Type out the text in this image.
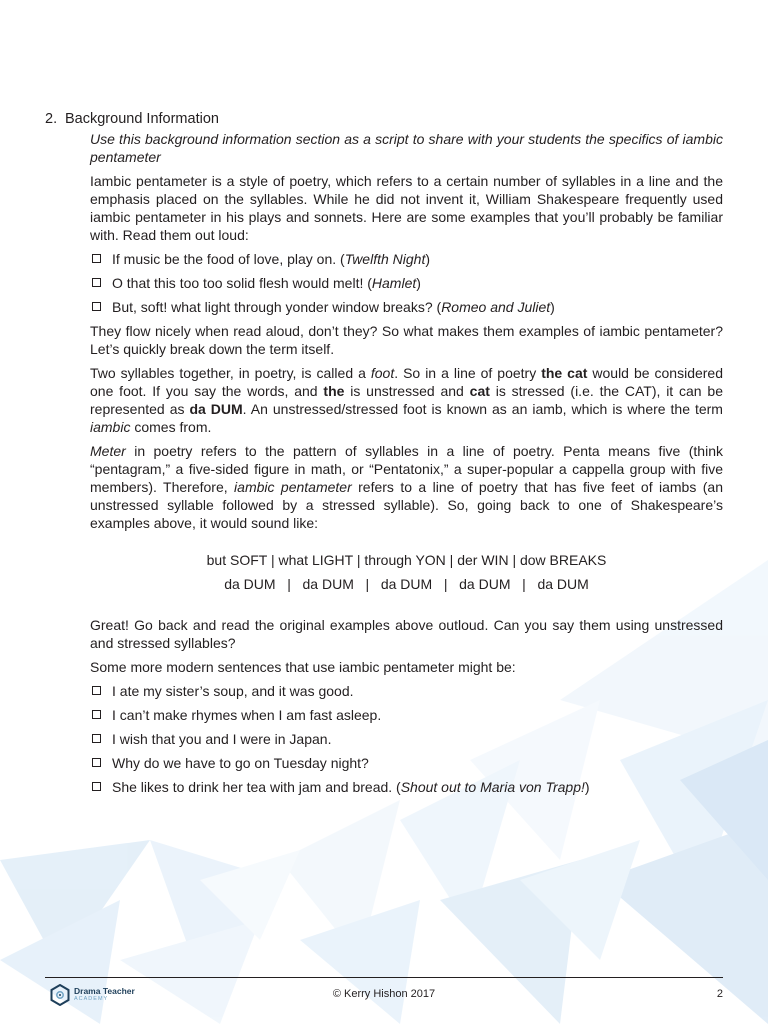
2. Background Information

Use this background information section as a script to share with your students the specifics of iambic pentameter

Iambic pentameter is a style of poetry, which refers to a certain number of syllables in a line and the emphasis placed on the syllables. While he did not invent it, William Shakespeare frequently used iambic pentameter in his plays and sonnets. Here are some examples that you’ll probably be familiar with. Read them out loud:

If music be the food of love, play on. (Twelfth Night)
O that this too too solid flesh would melt! (Hamlet)
But, soft! what light through yonder window breaks? (Romeo and Juliet)

They flow nicely when read aloud, don’t they? So what makes them examples of iambic pentameter? Let’s quickly break down the term itself.

Two syllables together, in poetry, is called a foot. So in a line of poetry the cat would be considered one foot. If you say the words, and the is unstressed and cat is stressed (i.e. the CAT), it can be represented as da DUM. An unstressed/stressed foot is known as an iamb, which is where the term iambic comes from.

Meter in poetry refers to the pattern of syllables in a line of poetry. Penta means five (think “pentagram,” a five-sided figure in math, or “Pentatonix,” a super-popular a cappella group with five members). Therefore, iambic pentameter refers to a line of poetry that has five feet of iambs (an unstressed syllable followed by a stressed syllable). So, going back to one of Shakespeare’s examples above, it would sound like:

but SOFT | what LIGHT | through YON | der WIN | dow BREAKS
da DUM   |   da DUM   |   da DUM   |   da DUM   |   da DUM

Great! Go back and read the original examples above outloud. Can you say them using unstressed and stressed syllables?

Some more modern sentences that use iambic pentameter might be:

I ate my sister’s soup, and it was good.
I can’t make rhymes when I am fast asleep.
I wish that you and I were in Japan.
Why do we have to go on Tuesday night?
She likes to drink her tea with jam and bread. (Shout out to Maria von Trapp!)
Drama Teacher
ACADEMY	© Kerry Hishon 2017	2
